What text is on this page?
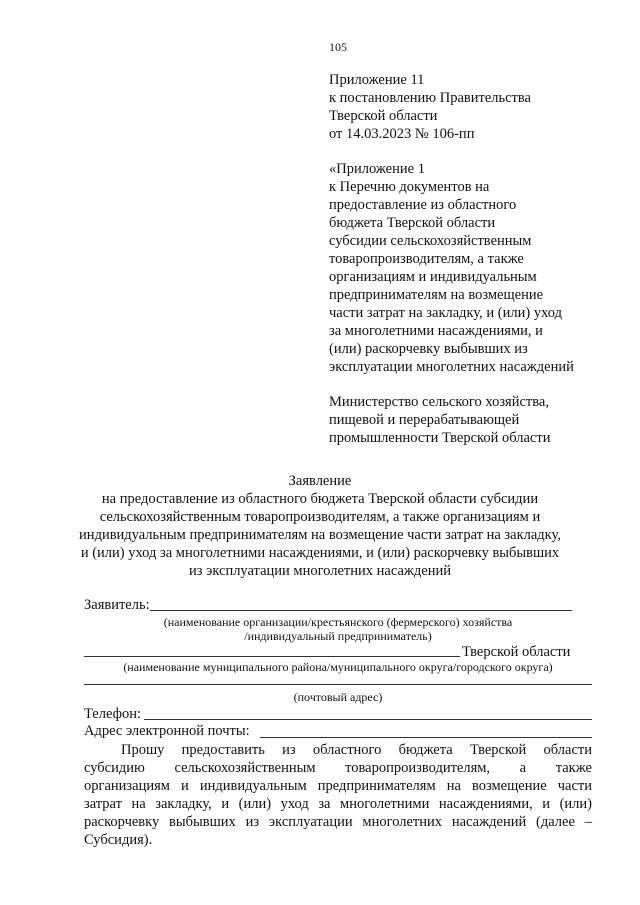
105
Приложение 11
к постановлению Правительства
Тверской области
от 14.03.2023 № 106-пп
«Приложение 1
к Перечню документов на
предоставление из областного
бюджета Тверской области
субсидии сельскохозяйственным
товаропроизводителям, а также
организациям и индивидуальным
предпринимателям на возмещение
части затрат на закладку, и (или) уход
за многолетними насаждениями, и
(или) раскорчевку выбывших из
эксплуатации многолетних насаждений
Министерство сельского хозяйства,
пищевой и перерабатывающей
промышленности Тверской области
Заявление
на предоставление из областного бюджета Тверской области субсидии
сельскохозяйственным товаропроизводителям, а также организациям и
индивидуальным предпринимателям на возмещение части затрат на закладку,
и (или) уход за многолетними насаждениями, и (или) раскорчевку выбывших
из эксплуатации многолетних насаждений
Заявитель:
(наименование организации/крестьянского (фермерского) хозяйства
/индивидуальный предприниматель)
Тверской области
(наименование муниципального района/муниципального округа/городского округа)
(почтовый адрес)
Телефон:
Адрес электронной почты:
Прошу предоставить из областного бюджета Тверской области
субсидию сельскохозяйственным товаропроизводителям, а также
организациям и индивидуальным предпринимателям на возмещение части
затрат на закладку, и (или) уход за многолетними насаждениями, и (или)
раскорчевку выбывших из эксплуатации многолетних насаждений (далее –
Субсидия).
